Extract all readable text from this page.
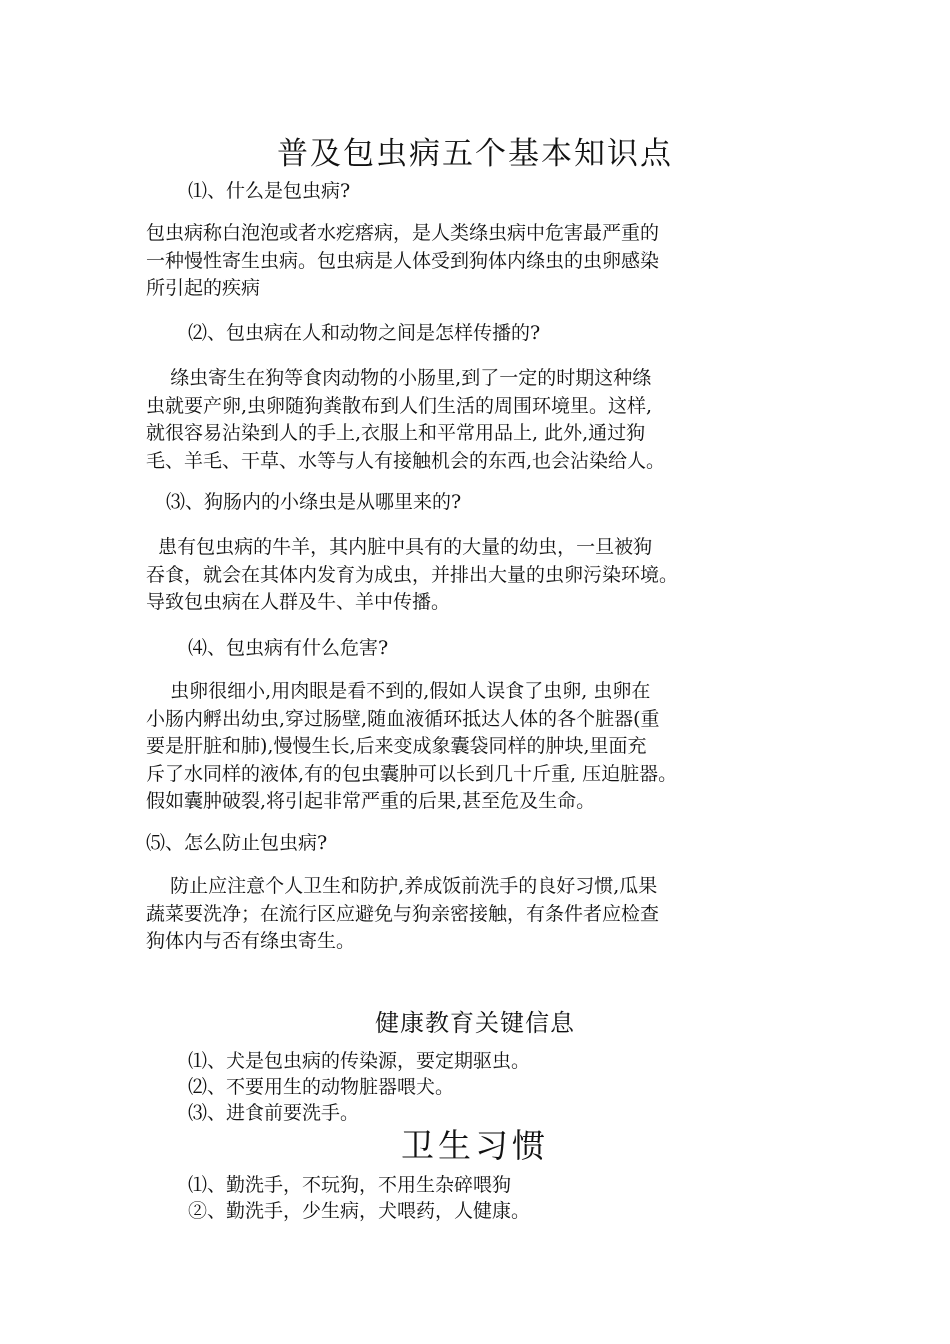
普及包虫病五个基本知识点
⑴、什么是包虫病?
包虫病称白泡泡或者水疙瘩病，是人类绦虫病中危害最严重的
一种慢性寄生虫病。包虫病是人体受到狗体内绦虫的虫卵感染
所引起的疾病
⑵、包虫病在人和动物之间是怎样传播的?
绦虫寄生在狗等食肉动物的小肠里,到了一定的时期这种绦
虫就要产卵,虫卵随狗粪散布到人们生活的周围环境里。这样,
就很容易沾染到人的手上,衣服上和平常用品上, 此外,通过狗
毛、羊毛、干草、水等与人有接触机会的东西,也会沾染给人。
⑶、狗肠内的小绦虫是从哪里来的?
患有包虫病的牛羊，其内脏中具有的大量的幼虫，一旦被狗
吞食，就会在其体内发育为成虫，并排出大量的虫卵污染环境。
导致包虫病在人群及牛、羊中传播。
⑷、包虫病有什么危害?
虫卵很细小,用肉眼是看不到的,假如人误食了虫卵, 虫卵在
小肠内孵出幼虫,穿过肠壁,随血液循环抵达人体的各个脏器(重
要是肝脏和肺),慢慢生长,后来变成象囊袋同样的肿块,里面充
斥了水同样的液体,有的包虫囊肿可以长到几十斤重, 压迫脏器。
假如囊肿破裂,将引起非常严重的后果,甚至危及生命。
⑸、怎么防止包虫病?
防止应注意个人卫生和防护,养成饭前洗手的良好习惯,瓜果
蔬菜要洗净；在流行区应避免与狗亲密接触，有条件者应检查
狗体内与否有绦虫寄生。
健康教育关键信息
⑴、犬是包虫病的传染源，要定期驱虫。
⑵、不要用生的动物脏器喂犬。
⑶、进食前要洗手。
卫生习惯
⑴、勤洗手，不玩狗，不用生杂碎喂狗
②、勤洗手，少生病，犬喂药，人健康。
